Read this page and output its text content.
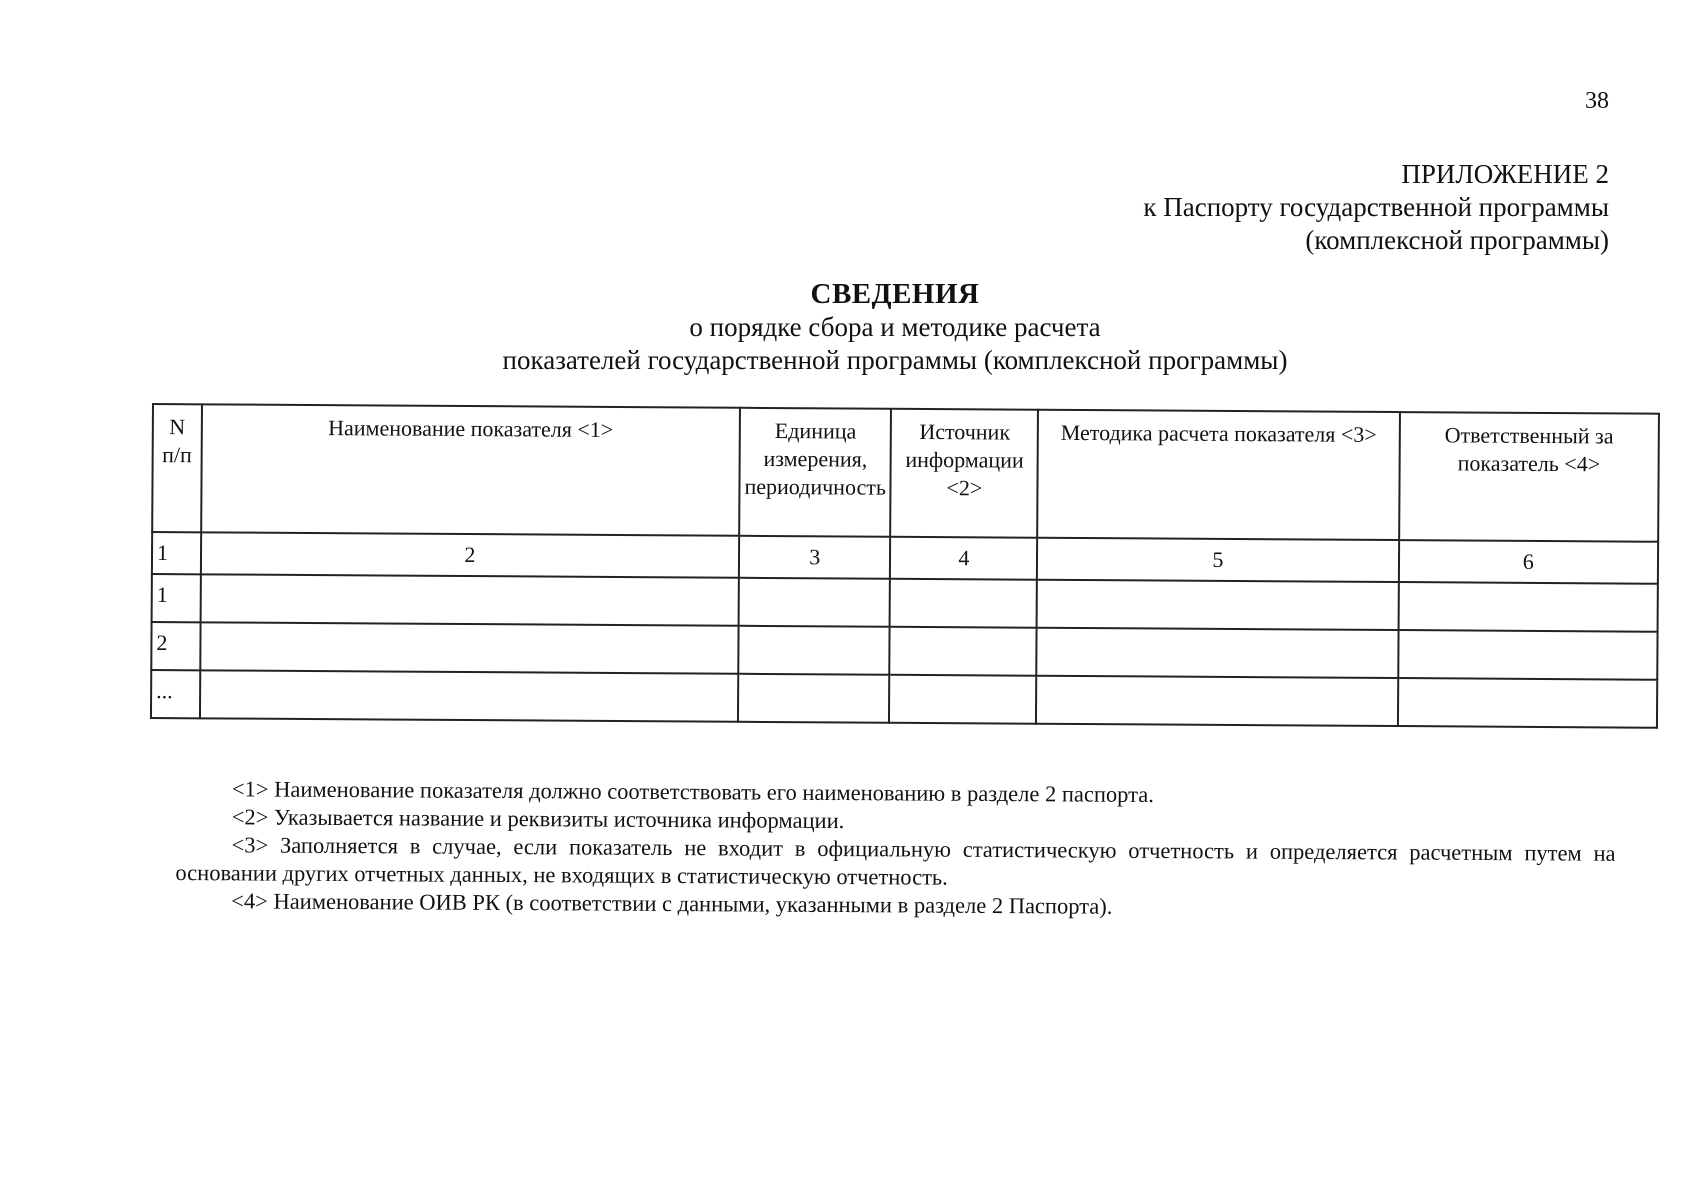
38
ПРИЛОЖЕНИЕ 2
к Паспорту государственной программы
(комплексной программы)
СВЕДЕНИЯ
о порядке сбора и методике расчета
показателей государственной программы (комплексной программы)
N п/п	Наименование показателя <1>	Единица измерения, периодичность	Источник информации <2>	Методика расчета показателя <3>	Ответственный за показатель <4>
1	2	3	4	5	6
1					
2					
...					
<1> Наименование показателя должно соответствовать его наименованию в разделе 2 паспорта.
<2> Указывается название и реквизиты источника информации.
<3> Заполняется в случае, если показатель не входит в официальную статистическую отчетность и определяется расчетным путем на основании других отчетных данных, не входящих в статистическую отчетность.
<4> Наименование ОИВ РК (в соответствии с данными, указанными в разделе 2 Паспорта).
